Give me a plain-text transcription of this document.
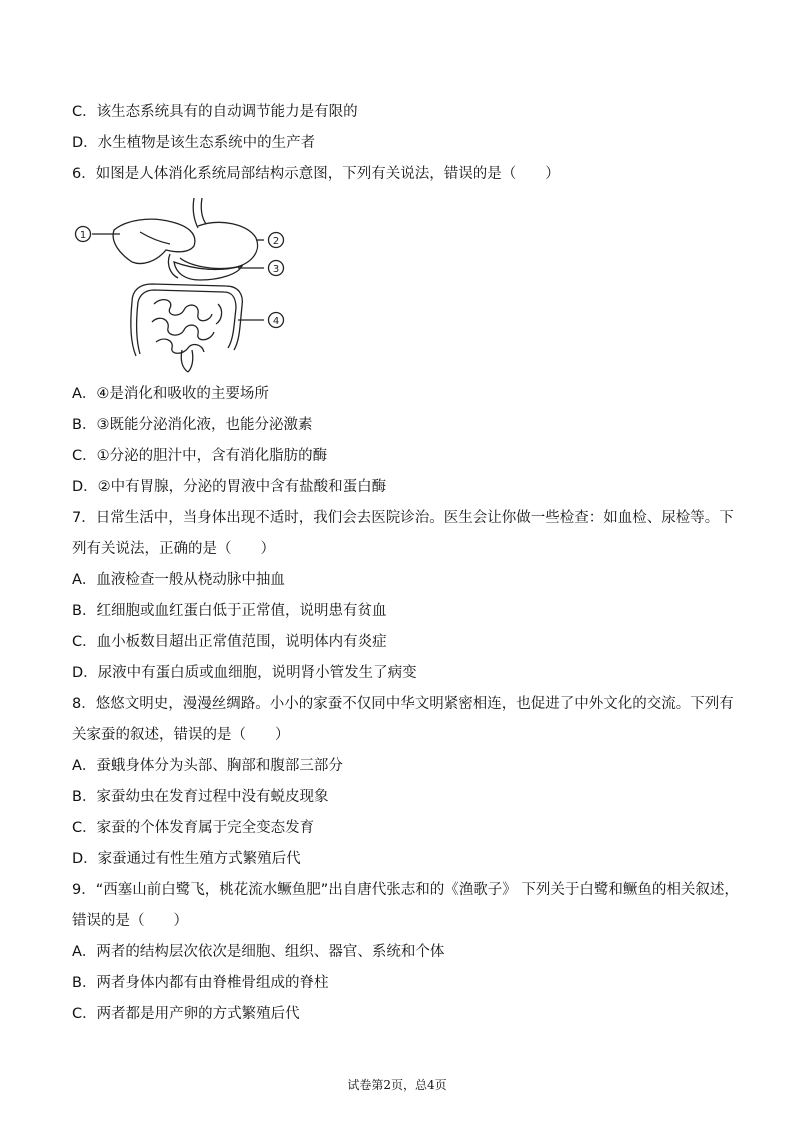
C．该生态系统具有的自动调节能力是有限的
D．水生植物是该生态系统中的生产者
6．如图是人体消化系统局部结构示意图，下列有关说法，错误的是（　　）
1
2
3
4
A．④是消化和吸收的主要场所
B．③既能分泌消化液，也能分泌激素
C．①分泌的胆汁中，含有消化脂肪的酶
D．②中有胃腺，分泌的胃液中含有盐酸和蛋白酶
7．日常生活中，当身体出现不适时，我们会去医院诊治。医生会让你做一些检查：如血检、尿检等。下
列有关说法，正确的是（　　）
A．血液检查一般从桡动脉中抽血
B．红细胞或血红蛋白低于正常值，说明患有贫血
C．血小板数目超出正常值范围，说明体内有炎症
D．尿液中有蛋白质或血细胞，说明肾小管发生了病变
8．悠悠文明史，漫漫丝绸路。小小的家蚕不仅同中华文明紧密相连，也促进了中外文化的交流。下列有
关家蚕的叙述，错误的是（　　）
A．蚕蛾身体分为头部、胸部和腹部三部分
B．家蚕幼虫在发育过程中没有蜕皮现象
C．家蚕的个体发育属于完全变态发育
D．家蚕通过有性生殖方式繁殖后代
9．“西塞山前白鹭飞，桃花流水鳜鱼肥”出自唐代张志和的《渔歌子》 下列关于白鹭和鳜鱼的相关叙述，
错误的是（　　）
A．两者的结构层次依次是细胞、组织、器官、系统和个体
B．两者身体内都有由脊椎骨组成的脊柱
C．两者都是用产卵的方式繁殖后代
试卷第2页，总4页
